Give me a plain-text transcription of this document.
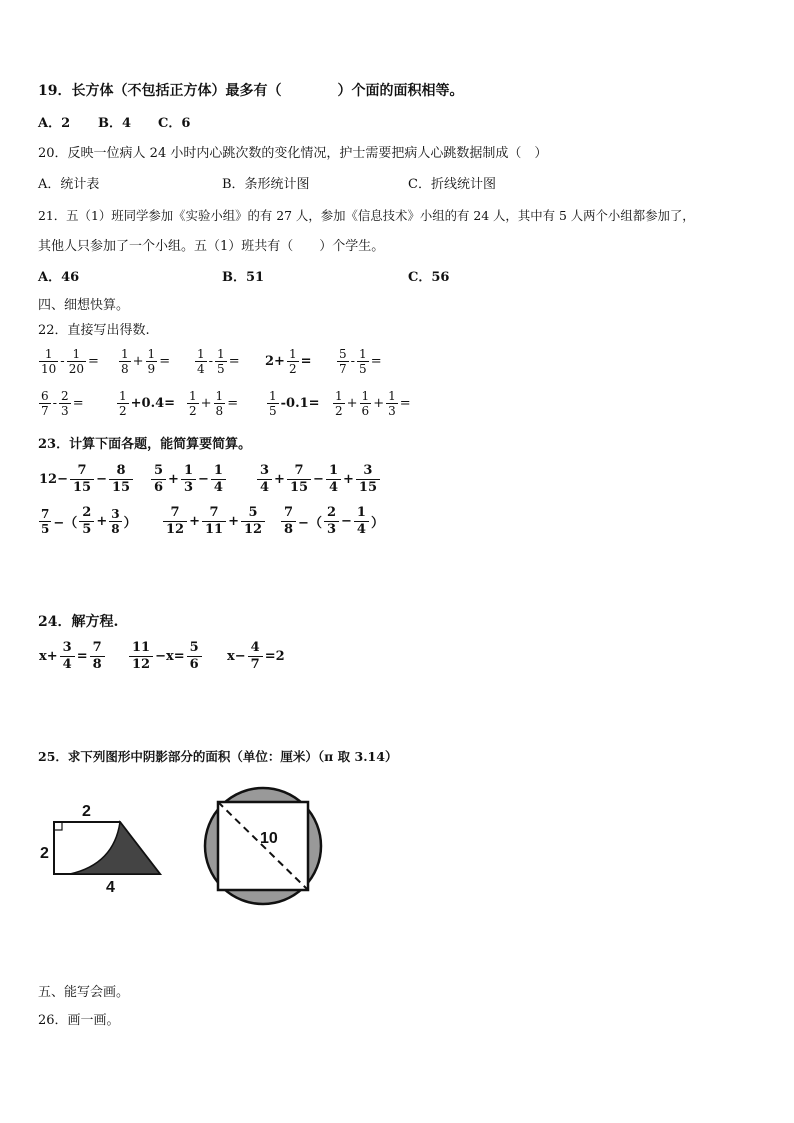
19．长方体（不包括正方体）最多有（　　　　）个面的面积相等。
A．2 B．4 C．6
20．反映一位病人 24 小时内心跳次数的变化情况，护士需要把病人心跳数据制成（　）
A．统计表	B．条形统计图	C．折线统计图
21．五（1）班同学参加《实验小组》的有 27 人，参加《信息技术》小组的有 24 人，其中有 5 人两个小组都参加了，
其他人只参加了一个小组。五（1）班共有（　　）个学生。
A．46	B．51	C．56
四、细想快算。
22．直接写出得数.
1
$10 - \frac{1}{20} = 1$
$8 + \frac{1}{9} = 1$
$4 - \frac{1}{5} = 2+ \frac{1}{2} = 5$
$7 - \frac{1}{5}$ =
6
$7 - \frac{2}{3}$ =	1
2 +0.4= 1
$2 + \frac{1}{8}$ =	1
5 -0.1= 1
$2 + \frac{1}{6} + \frac{1}{3}$ =
23．计算下面各题，能简算要简算。
$12- \frac{7}{15} - \frac{8}{15} 5$
6
+ $\frac{1}{3} - \frac{1}{4}$	3
4
+ $\frac{7}{15} - \frac{1}{4} + \frac{3}{15}$
7
5 −（
2
5
+ $\frac{3}{8}$ ）
7
12
+ $\frac{7}{11} + \frac{5}{12} 7$
8 −（
2
3
− $\frac{1}{4}$ ）
24．解方程.
$x+ \frac{3}{4} = \frac{7}{8} 11$
12
$-x= \frac{5}{6} x- \frac{4}{7} =2$
25．求下列图形中阴影部分的面积（单位：厘米）（π 取 3.14）
2
2
4
10
五、能写会画。
26．画一画。
